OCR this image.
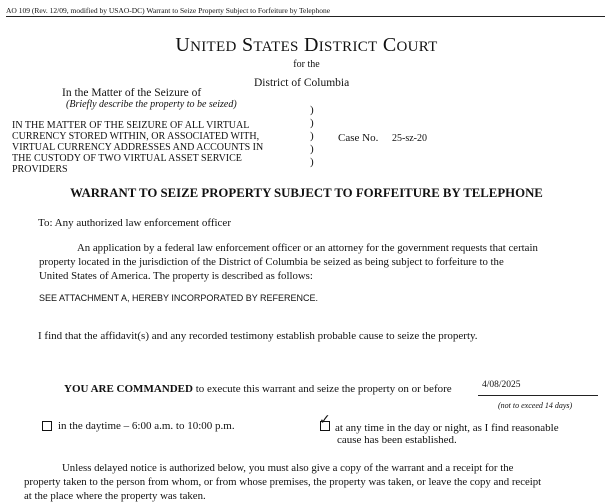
AO 109 (Rev. 12/09, modified by USAO-DC) Warrant to Seize Property Subject to Forfeiture by Telephone
UNITED STATES DISTRICT COURT
for the
District of Columbia
In the Matter of the Seizure of
(Briefly describe the property to be seized)
IN THE MATTER OF THE SEIZURE OF ALL VIRTUAL
CURRENCY STORED WITHIN, OR ASSOCIATED WITH,
VIRTUAL CURRENCY ADDRESSES AND ACCOUNTS IN
THE CUSTODY OF TWO VIRTUAL ASSET SERVICE
PROVIDERS
)
)
)
)
)
Case No. 25-sz-20
WARRANT TO SEIZE PROPERTY SUBJECT TO FORFEITURE BY TELEPHONE
To: Any authorized law enforcement officer
An application by a federal law enforcement officer or an attorney for the government requests that certain
property located in the jurisdiction of the District of Columbia be seized as being subject to forfeiture to the
United States of America. The property is described as follows:
SEE ATTACHMENT A, HEREBY INCORPORATED BY REFERENCE.
I find that the affidavit(s) and any recorded testimony establish probable cause to seize the property.
YOU ARE COMMANDED to execute this warrant and seize the property on or before	4/08/2025
(not to exceed 14 days)
in the daytime – 6:00 a.m. to 10:00 p.m.	✓ at any time in the day or night, as I find reasonable
cause has been established.
Unless delayed notice is authorized below, you must also give a copy of the warrant and a receipt for the
property taken to the person from whom, or from whose premises, the property was taken, or leave the copy and receipt
at the place where the property was taken.
